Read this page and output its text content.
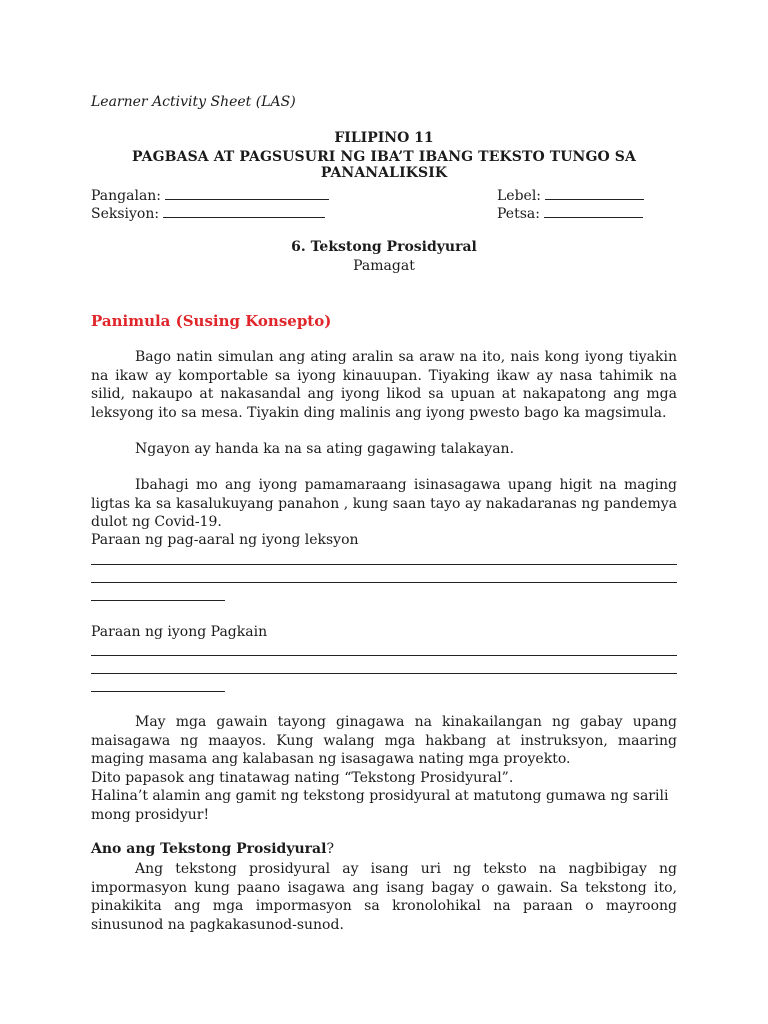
Learner Activity Sheet (LAS)
FILIPINO 11
PAGBASA AT PAGSUSURI NG IBA’T IBANG TEKSTO TUNGO SA PANANALIKSIK
Pangalan:
Seksiyon:
Lebel:
Petsa:
6. Tekstong Prosidyural
Pamagat
Panimula (Susing Konsepto)
Bago natin simulan ang ating aralin sa araw na ito, nais kong iyong tiyakin na ikaw ay komportable sa iyong kinauupan. Tiyaking ikaw ay nasa tahimik na silid, nakaupo at nakasandal ang iyong likod sa upuan at nakapatong ang mga leksyong ito sa mesa. Tiyakin ding malinis ang iyong pwesto bago ka magsimula.
Ngayon ay handa ka na sa ating gagawing talakayan.
Ibahagi mo ang iyong pamamaraang isinasagawa upang higit na maging ligtas ka sa kasalukuyang panahon , kung saan tayo ay nakadaranas ng pandemya dulot ng Covid-19.
Paraan ng pag-aaral ng iyong leksyon
Paraan ng iyong Pagkain
May mga gawain tayong ginagawa na kinakailangan ng gabay upang maisagawa ng maayos. Kung walang mga hakbang at instruksyon, maaring maging masama ang kalabasan ng isasagawa nating mga proyekto.
Dito papasok ang tinatawag nating “Tekstong Prosidyural”.
Halina’t alamin ang gamit ng tekstong prosidyural at matutong gumawa ng sarili mong prosidyur!
Ano ang Tekstong Prosidyural?
Ang tekstong prosidyural ay isang uri ng teksto na nagbibigay ng impormasyon kung paano isagawa ang isang bagay o gawain. Sa tekstong ito, pinakikita ang mga impormasyon sa kronolohikal na paraan o mayroong sinusunod na pagkakasunod-sunod.
